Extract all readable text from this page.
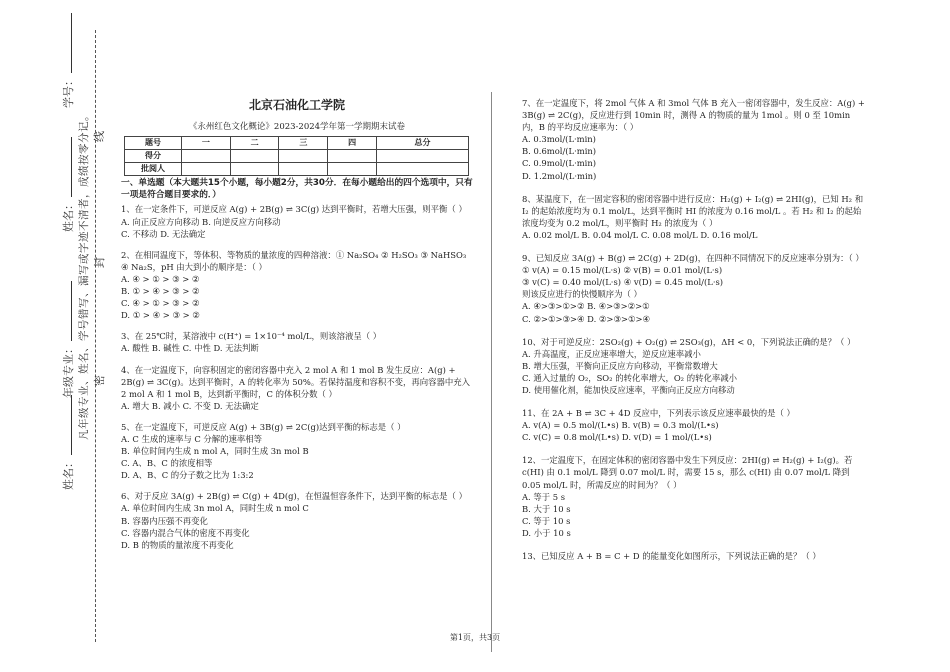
学号：
姓名：
年级专业：
姓名：
凡年级专业、姓名、学号错写、漏写或字迹不清者，成绩按零分记。 线
封
密
北京石油化工学院
《永州红色文化概论》2023-2024学年第一学期期末试卷
题号	一	二	三	四	总分
得分					
批阅人					
一、单选题（本大题共15个小题，每小题2分，共30分．在每小题给出的四个选项中，只有一项是符合题目要求的．）

1、在一定条件下，可逆反应 A(g) + 2B(g) ⇌ 3C(g) 达到平衡时，若增大压强，则平衡（ ）

A. 向正反应方向移动 B. 向逆反应方向移动

C. 不移动 D. 无法确定

2、在相同温度下，等体积、等物质的量浓度的四种溶液：① Na₂SO₄ ② H₂SO₃ ③ NaHSO₃ ④ Na₂S，pH 由大到小的顺序是：（ ）

A. ④ > ① > ③ > ②

B. ① > ④ > ③ > ②

C. ④ > ① > ③ > ②

D. ① > ④ > ③ > ②

3、在 25℃时，某溶液中 c(H⁺) = 1×10⁻⁴ mol/L，则该溶液呈（ ）

A. 酸性 B. 碱性 C. 中性 D. 无法判断

4、在一定温度下，向容积固定的密闭容器中充入 2 mol A 和 1 mol B 发生反应：A(g) + 2B(g) ⇌ 3C(g)。达到平衡时，A 的转化率为 50%。若保持温度和容积不变，再向容器中充入 2 mol A 和 1 mol B，达到新平衡时，C 的体积分数（ ）

A. 增大 B. 减小 C. 不变 D. 无法确定

5、在一定温度下，可逆反应 A(g) + 3B(g) ⇌ 2C(g)达到平衡的标志是（ ）

A. C 生成的速率与 C 分解的速率相等

B. 单位时间内生成 n mol A，同时生成 3n mol B

C. A、B、C 的浓度相等

D. A、B、C 的分子数之比为 1:3:2

6、对于反应 3A(g) + 2B(g) ⇌ C(g) + 4D(g)，在恒温恒容条件下，达到平衡的标志是（ ）

A. 单位时间内生成 3n mol A，同时生成 n mol C

B. 容器内压强不再变化

C. 容器内混合气体的密度不再变化

D. B 的物质的量浓度不再变化

7、在一定温度下，将 2mol 气体 A 和 3mol 气体 B 充入一密闭容器中，发生反应：A(g) + 3B(g) ⇌ 2C(g)，反应进行到 10min 时，测得 A 的物质的量为 1mol 。则 0 至 10min 内，B 的平均反应速率为：（ ）

A. 0.3mol/(L·min)

B. 0.6mol/(L·min)

C. 0.9mol/(L·min)

D. 1.2mol/(L·min)

8、某温度下，在一固定容积的密闭容器中进行反应：H₂(g) + I₂(g) ⇌ 2HI(g)，已知 H₂ 和 I₂ 的起始浓度均为 0.1 mol/L，达到平衡时 HI 的浓度为 0.16 mol/L 。若 H₂ 和 I₂ 的起始浓度均变为 0.2 mol/L，则平衡时 H₂ 的浓度为（ ）

A. 0.02 mol/L B. 0.04 mol/L C. 0.08 mol/L D. 0.16 mol/L

9、已知反应 3A(g) + B(g) ⇌ 2C(g) + 2D(g)，在四种不同情况下的反应速率分别为：（ ）

① v(A) = 0.15 mol/(L·s) ② v(B) = 0.01 mol/(L·s)

③ v(C) = 0.40 mol/(L·s) ④ v(D) = 0.45 mol/(L·s)

则该反应进行的快慢顺序为（ ）

A. ④>③>①>② B. ④>③>②>①

C. ②>①>③>④ D. ②>③>①>④

10、对于可逆反应：2SO₂(g) + O₂(g) ⇌ 2SO₃(g)，ΔH < 0，下列说法正确的是？（ ）

A. 升高温度，正反应速率增大，逆反应速率减小

B. 增大压强，平衡向正反应方向移动，平衡常数增大

C. 通入过量的 O₂，SO₂ 的转化率增大，O₂ 的转化率减小

D. 使用催化剂，能加快反应速率，平衡向正反应方向移动

11、在 2A + B ⇌ 3C + 4D 反应中，下列表示该反应速率最快的是（ ）

A. v(A) = 0.5 mol/(L•s) B. v(B) = 0.3 mol/(L•s)

C. v(C) = 0.8 mol/(L•s) D. v(D) = 1 mol/(L•s)

12、一定温度下，在固定体积的密闭容器中发生下列反应：2HI(g) ⇌ H₂(g) + I₂(g)。若 c(HI) 由 0.1 mol/L 降到 0.07 mol/L 时，需要 15 s，那么 c(HI) 由 0.07 mol/L 降到 0.05 mol/L 时，所需反应的时间为？（ ）

A. 等于 5 s

B. 大于 10 s

C. 等于 10 s

D. 小于 10 s

13、已知反应 A + B = C + D 的能量变化如图所示，下列说法正确的是？（ ）

第1页，共3页
